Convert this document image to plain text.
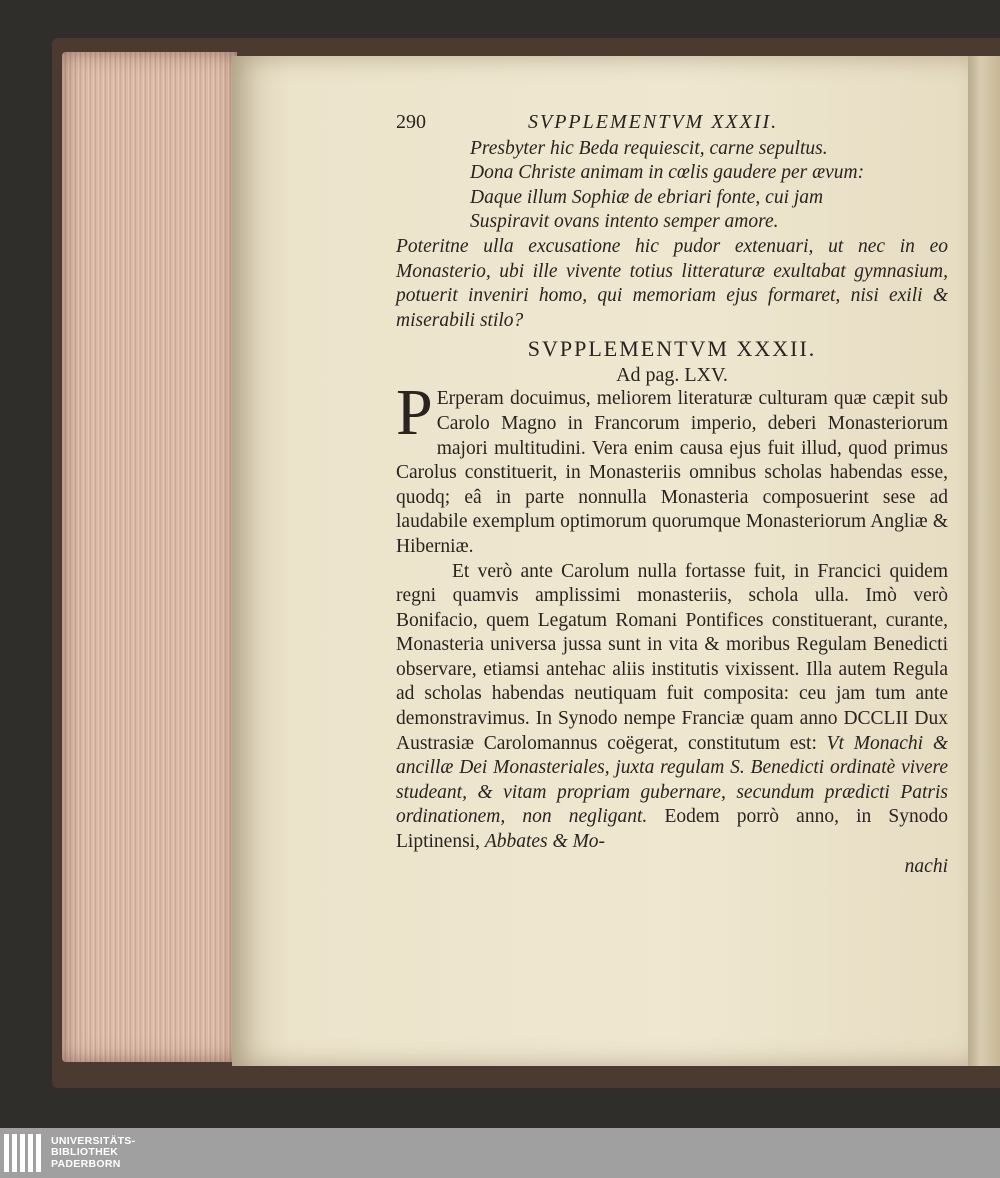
290	SVPPLEMENTVM XXXII.
Presbyter hic Beda requiescit, carne sepultus.
Dona Christe animam in cœlis gaudere per ævum:
Daque illum Sophiæ de ebriari fonte, cui jam
Suspiravit ovans intento semper amore.

Poteritne ulla excusatione hic pudor extenuari, ut nec in eo Monasterio, ubi ille vivente totius litteraturæ exultabat gymnasium, potuerit inveniri homo, qui memoriam ejus formaret, nisi exili & miserabili stilo?

SVPPLEMENTVM XXXII.
Ad pag. LXV.

P Erperam docuimus, meliorem literaturæ culturam quæ cæpit sub Carolo Magno in Francorum imperio, deberi Monasteriorum majori multitudini. Vera enim causa ejus fuit illud, quod primus Carolus constituerit, in Monasteriis omnibus scholas habendas esse, quodq; eâ in parte nonnulla Monasteria composuerint sese ad laudabile exemplum optimorum quorumque Monasteriorum Angliæ & Hiberniæ.

Et verò ante Carolum nulla fortasse fuit, in Francici quidem regni quamvis amplissimi monasteriis, schola ulla. Imò verò Bonifacio, quem Legatum Romani Pontifices constituerant, curante, Monasteria universa jussa sunt in vita & moribus Regulam Benedicti observare, etiamsi antehac aliis institutis vixissent. Illa autem Regula ad scholas habendas neutiquam fuit composita: ceu jam tum ante demonstravimus. In Synodo nempe Franciæ quam anno DCCLII Dux Austrasiæ Carolomannus coëgerat, constitutum est: Vt Monachi & ancillæ Dei Monasteriales, juxta regulam S. Benedicti ordinatè vivere studeant, & vitam propriam gubernare, secundum prædicti Patris ordinationem, non negligant. Eodem porrò anno, in Synodo Liptinensi, Abbates & Mo-

nachi
UNIVERSITÄTS-
BIBLIOTHEK
PADERBORN
